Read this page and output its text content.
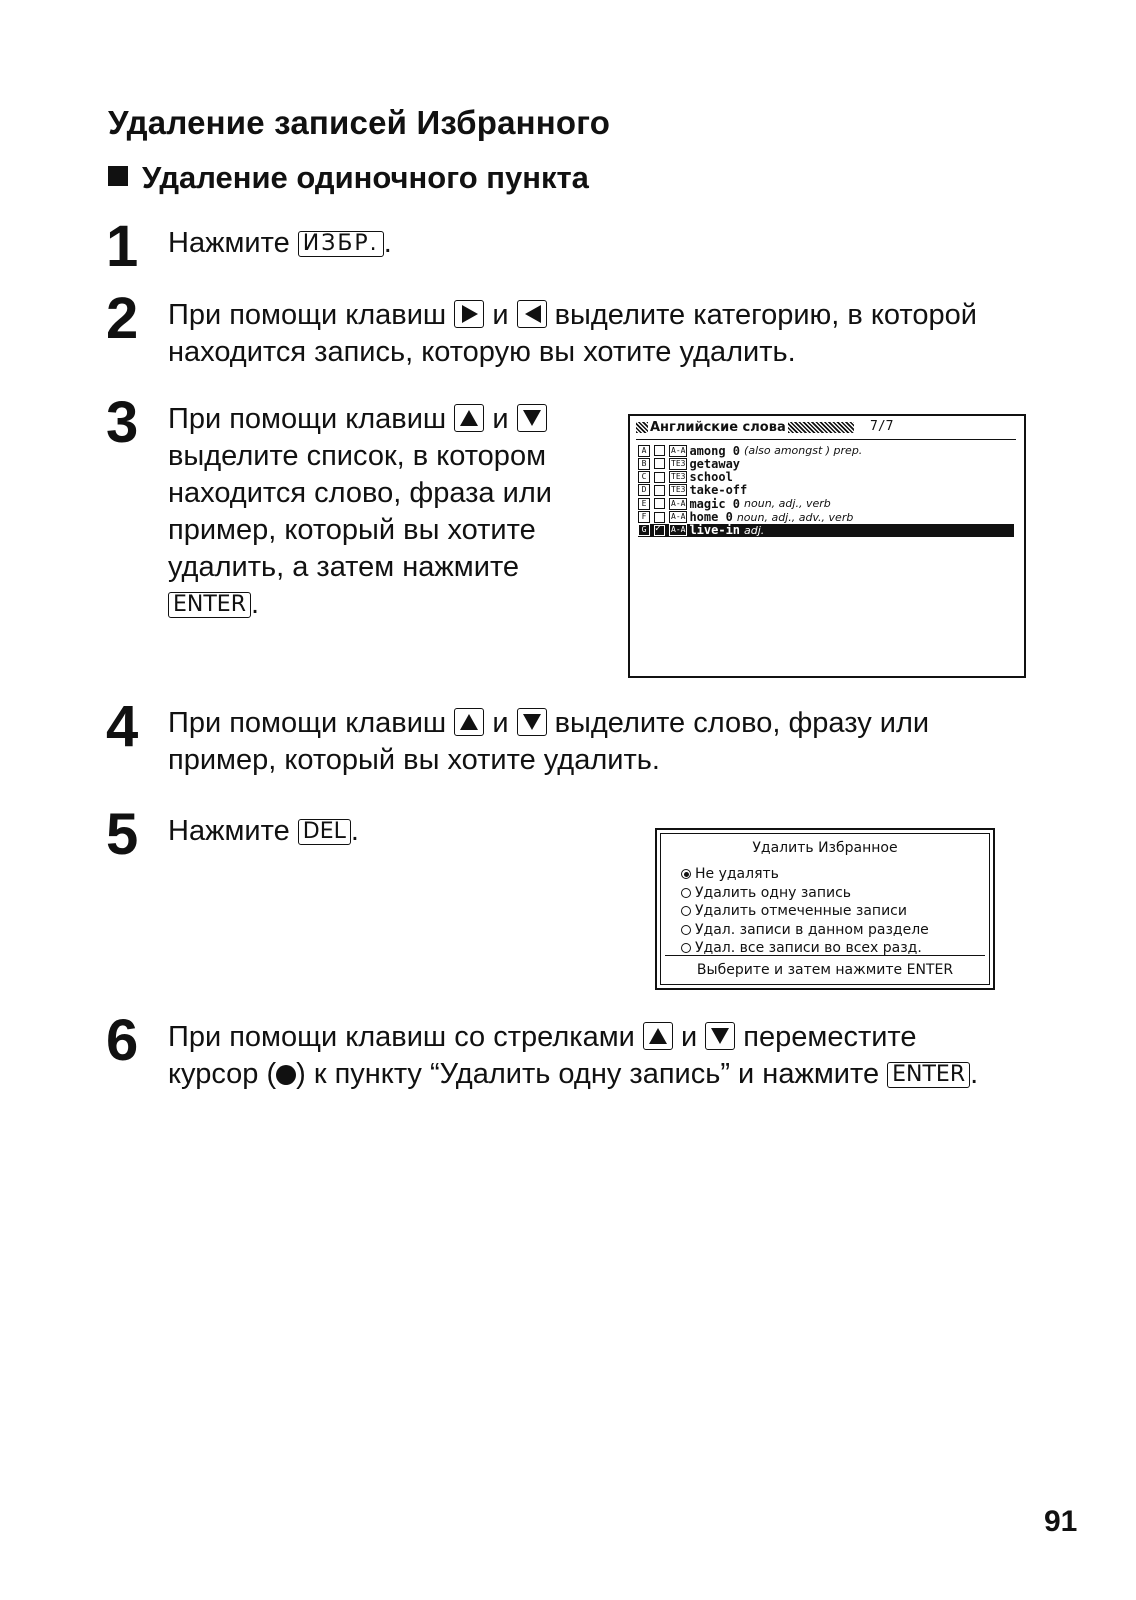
Удаление записей Избранного
Удаление одиночного пункта
1 Нажмите ИЗБР. .
2 При помощи клавиш и выделите категорию, в которой
находится запись, которую вы хотите удалить.
3 При помощи клавиш и

выделите список, в котором
находится слово, фраза или
пример, который вы хотите
удалить, а затем нажмите
ENTER .
Английские слова	7/7
A	A-A among 0 (also amongst ) prep.
B	TE3 getaway
C	TE3 school
D	TE3 take-off
E	A-A magic 0 noun, adj., verb
F	A-A home 0 noun, adj., adv., verb
G
✓	A-A live-in adj.
4 При помощи клавиш и выделите слово, фразу или
пример, который вы хотите удалить.
5 Нажмите DEL .
Удалить Избранное
Не удалять
Удалить одну запись
Удалить отмеченные записи
Удал. записи в данном разделе
Удал. все записи во всех разд.
Выберите и затем нажмите ENTER
6 При помощи клавиш со стрелками и переместите
курсор ( ) к пункту “Удалить одну запись” и нажмите ENTER .
91
